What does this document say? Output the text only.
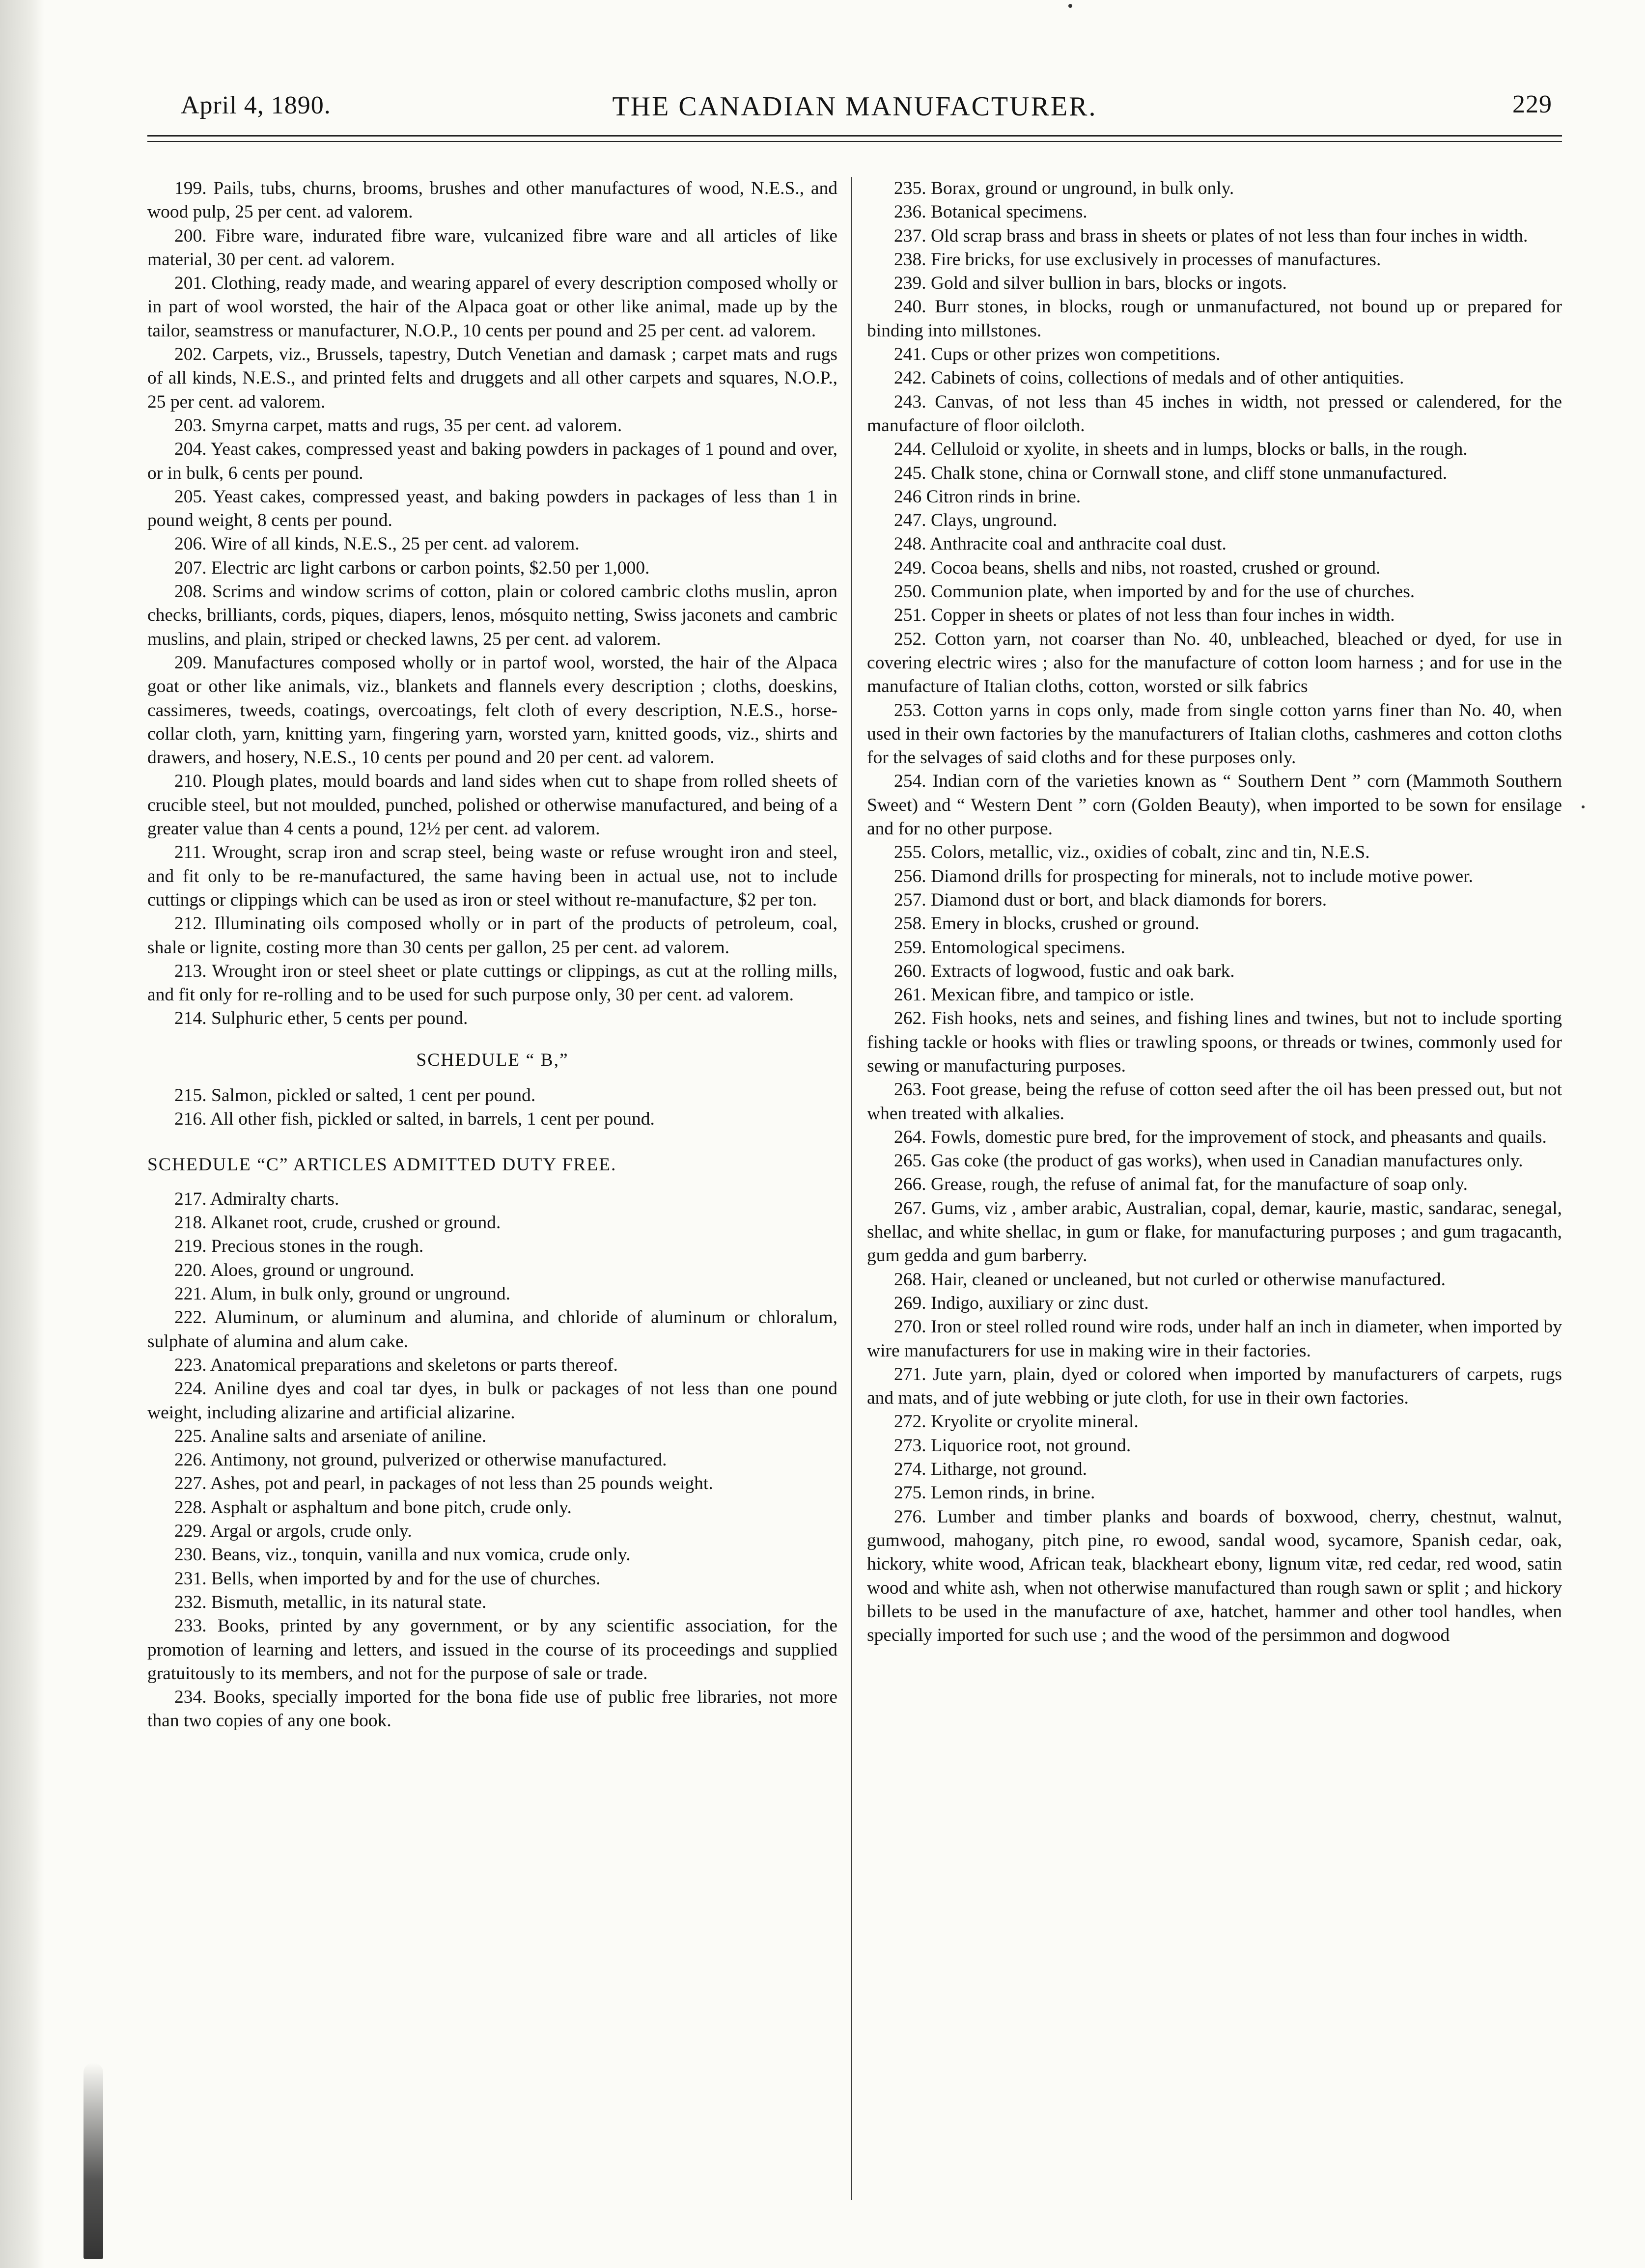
April 4, 1890.	THE CANADIAN MANUFACTURER.	229

199. Pails, tubs, churns, brooms, brushes and other manufactures of wood, N.E.S., and wood pulp, 25 per cent. ad valorem.

200. Fibre ware, indurated fibre ware, vulcanized fibre ware and all articles of like material, 30 per cent. ad valorem.

201. Clothing, ready made, and wearing apparel of every description composed wholly or in part of wool worsted, the hair of the Alpaca goat or other like animal, made up by the tailor, seamstress or manufacturer, N.O.P., 10 cents per pound and 25 per cent. ad valorem.

202. Carpets, viz., Brussels, tapestry, Dutch Venetian and damask ; carpet mats and rugs of all kinds, N.E.S., and printed felts and druggets and all other carpets and squares, N.O.P., 25 per cent. ad valorem.

203. Smyrna carpet, matts and rugs, 35 per cent. ad valorem.

204. Yeast cakes, compressed yeast and baking powders in packages of 1 pound and over, or in bulk, 6 cents per pound.

205. Yeast cakes, compressed yeast, and baking powders in packages of less than 1 in pound weight, 8 cents per pound.

206. Wire of all kinds, N.E.S., 25 per cent. ad valorem.

207. Electric arc light carbons or carbon points, $2.50 per 1,000.

208. Scrims and window scrims of cotton, plain or colored cambric cloths muslin, apron checks, brilliants, cords, piques, diapers, lenos, mósquito netting, Swiss jaconets and cambric muslins, and plain, striped or checked lawns, 25 per cent. ad valorem.

209. Manufactures composed wholly or in partof wool, worsted, the hair of the Alpaca goat or other like animals, viz., blankets and flannels every description ; cloths, doeskins, cassimeres, tweeds, coatings, overcoatings, felt cloth of every description, N.E.S., horse-collar cloth, yarn, knitting yarn, fingering yarn, worsted yarn, knitted goods, viz., shirts and drawers, and hosery, N.E.S., 10 cents per pound and 20 per cent. ad valorem.

210. Plough plates, mould boards and land sides when cut to shape from rolled sheets of crucible steel, but not moulded, punched, polished or otherwise manufactured, and being of a greater value than 4 cents a pound, 12½ per cent. ad valorem.

211. Wrought, scrap iron and scrap steel, being waste or refuse wrought iron and steel, and fit only to be re-manufactured, the same having been in actual use, not to include cuttings or clippings which can be used as iron or steel without re-manufacture, $2 per ton.

212. Illuminating oils composed wholly or in part of the products of petroleum, coal, shale or lignite, costing more than 30 cents per gallon, 25 per cent. ad valorem.

213. Wrought iron or steel sheet or plate cuttings or clippings, as cut at the rolling mills, and fit only for re-rolling and to be used for such purpose only, 30 per cent. ad valorem.

214. Sulphuric ether, 5 cents per pound.

SCHEDULE “ B,”

215. Salmon, pickled or salted, 1 cent per pound.

216. All other fish, pickled or salted, in barrels, 1 cent per pound.

SCHEDULE “C” ARTICLES ADMITTED DUTY FREE.

217. Admiralty charts.

218. Alkanet root, crude, crushed or ground.

219. Precious stones in the rough.

220. Aloes, ground or unground.

221. Alum, in bulk only, ground or unground.

222. Aluminum, or aluminum and alumina, and chloride of aluminum or chloralum, sulphate of alumina and alum cake.

223. Anatomical preparations and skeletons or parts thereof.

224. Aniline dyes and coal tar dyes, in bulk or packages of not less than one pound weight, including alizarine and artificial alizarine.

225. Analine salts and arseniate of aniline.

226. Antimony, not ground, pulverized or otherwise manufactured.

227. Ashes, pot and pearl, in packages of not less than 25 pounds weight.

228. Asphalt or asphaltum and bone pitch, crude only.

229. Argal or argols, crude only.

230. Beans, viz., tonquin, vanilla and nux vomica, crude only.

231. Bells, when imported by and for the use of churches.

232. Bismuth, metallic, in its natural state.

233. Books, printed by any government, or by any scientific association, for the promotion of learning and letters, and issued in the course of its proceedings and supplied gratuitously to its members, and not for the purpose of sale or trade.

234. Books, specially imported for the bona fide use of public free libraries, not more than two copies of any one book.

235. Borax, ground or unground, in bulk only.

236. Botanical specimens.

237. Old scrap brass and brass in sheets or plates of not less than four inches in width.

238. Fire bricks, for use exclusively in processes of manufactures.

239. Gold and silver bullion in bars, blocks or ingots.

240. Burr stones, in blocks, rough or unmanufactured, not bound up or prepared for binding into millstones.

241. Cups or other prizes won competitions.

242. Cabinets of coins, collections of medals and of other antiquities.

243. Canvas, of not less than 45 inches in width, not pressed or calendered, for the manufacture of floor oilcloth.

244. Celluloid or xyolite, in sheets and in lumps, blocks or balls, in the rough.

245. Chalk stone, china or Cornwall stone, and cliff stone unmanufactured.

246 Citron rinds in brine.

247. Clays, unground.

248. Anthracite coal and anthracite coal dust.

249. Cocoa beans, shells and nibs, not roasted, crushed or ground.

250. Communion plate, when imported by and for the use of churches.

251. Copper in sheets or plates of not less than four inches in width.

252. Cotton yarn, not coarser than No. 40, unbleached, bleached or dyed, for use in covering electric wires ; also for the manufacture of cotton loom harness ; and for use in the manufacture of Italian cloths, cotton, worsted or silk fabrics

253. Cotton yarns in cops only, made from single cotton yarns finer than No. 40, when used in their own factories by the manufacturers of Italian cloths, cashmeres and cotton cloths for the selvages of said cloths and for these purposes only.

254. Indian corn of the varieties known as “ Southern Dent ” corn (Mammoth Southern Sweet) and “ Western Dent ” corn (Golden Beauty), when imported to be sown for ensilage and for no other purpose.

255. Colors, metallic, viz., oxidies of cobalt, zinc and tin, N.E.S.

256. Diamond drills for prospecting for minerals, not to include motive power.

257. Diamond dust or bort, and black diamonds for borers.

258. Emery in blocks, crushed or ground.

259. Entomological specimens.

260. Extracts of logwood, fustic and oak bark.

261. Mexican fibre, and tampico or istle.

262. Fish hooks, nets and seines, and fishing lines and twines, but not to include sporting fishing tackle or hooks with flies or trawling spoons, or threads or twines, commonly used for sewing or manufacturing purposes.

263. Foot grease, being the refuse of cotton seed after the oil has been pressed out, but not when treated with alkalies.

264. Fowls, domestic pure bred, for the improvement of stock, and pheasants and quails.

265. Gas coke (the product of gas works), when used in Canadian manufactures only.

266. Grease, rough, the refuse of animal fat, for the manufacture of soap only.

267. Gums, viz , amber arabic, Australian, copal, demar, kaurie, mastic, sandarac, senegal, shellac, and white shellac, in gum or flake, for manufacturing purposes ; and gum tragacanth, gum gedda and gum barberry.

268. Hair, cleaned or uncleaned, but not curled or otherwise manufactured.

269. Indigo, auxiliary or zinc dust.

270. Iron or steel rolled round wire rods, under half an inch in diameter, when imported by wire manufacturers for use in making wire in their factories.

271. Jute yarn, plain, dyed or colored when imported by manufacturers of carpets, rugs and mats, and of jute webbing or jute cloth, for use in their own factories.

272. Kryolite or cryolite mineral.

273. Liquorice root, not ground.

274. Litharge, not ground.

275. Lemon rinds, in brine.

276. Lumber and timber planks and boards of boxwood, cherry, chestnut, walnut, gumwood, mahogany, pitch pine, ro ewood, sandal wood, sycamore, Spanish cedar, oak, hickory, white wood, African teak, blackheart ebony, lignum vitæ, red cedar, red wood, satin wood and white ash, when not otherwise manufactured than rough sawn or split ; and hickory billets to be used in the manufacture of axe, hatchet, hammer and other tool handles, when specially imported for such use ; and the wood of the persimmon and dogwood
